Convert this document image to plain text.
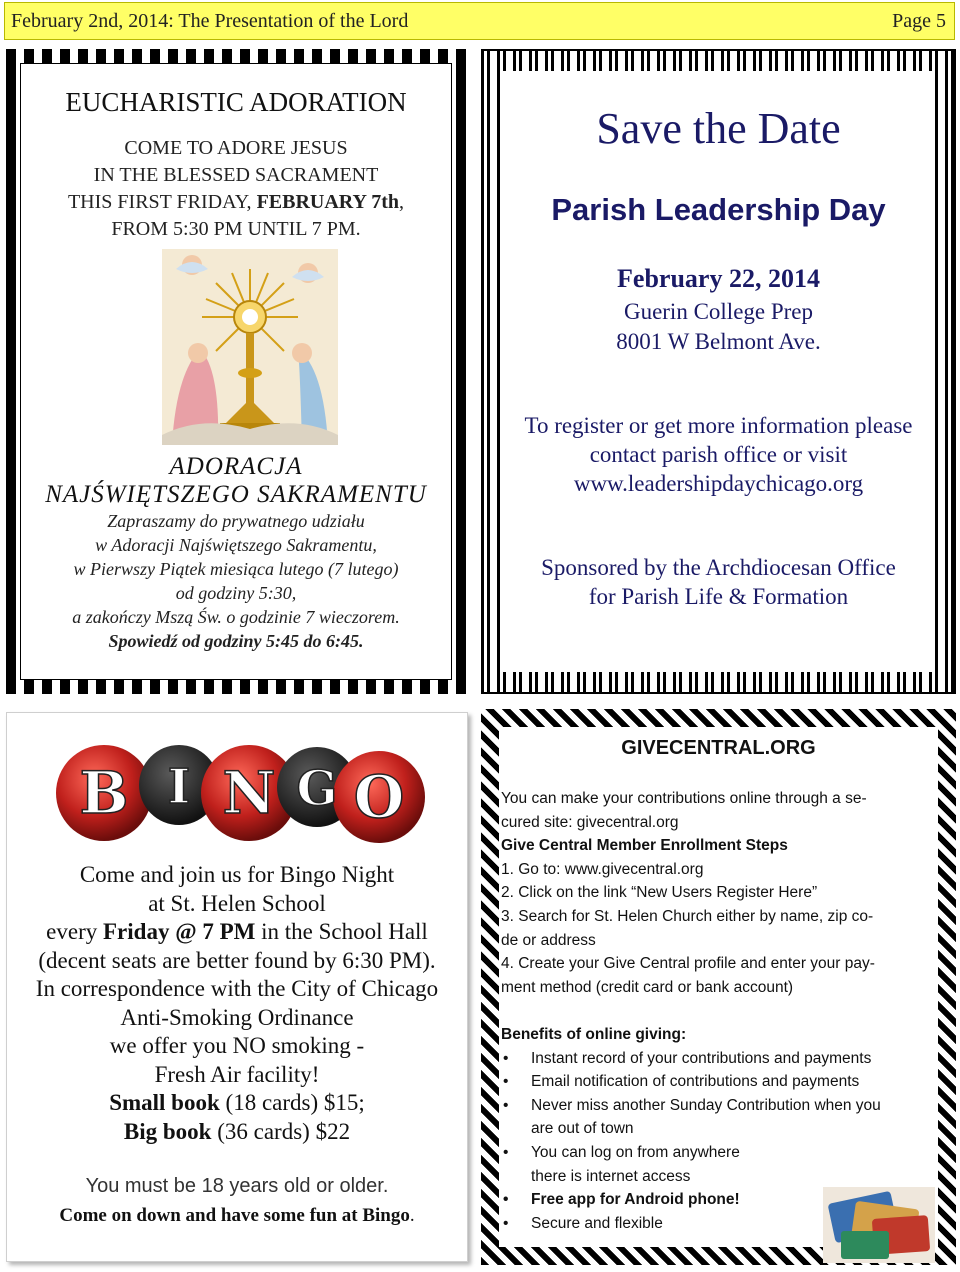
February 2nd, 2014: The Presentation of the Lord	Page 5
EUCHARISTIC ADORATION
COME TO ADORE JESUS
IN THE BLESSED SACRAMENT
THIS FIRST FRIDAY, FEBRUARY 7th,
FROM 5:30 PM UNTIL 7 PM.
ADORACJA
NAJŚWIĘTSZEGO SAKRAMENTU
Zapraszamy do prywatnego udziału
w Adoracji Najświętszego Sakramentu,
w Pierwszy Piątek miesiąca lutego (7 lutego)
od godziny 5:30,
a zakończy Mszą Św. o godzinie 7 wieczorem.
Spowiedź od godziny 5:45 do 6:45.
Save the Date
Parish Leadership Day
February 22, 2014
Guerin College Prep
8001 W Belmont Ave.
To register or get more information please
contact parish office or visit
www.leadershipdaychicago.org
Sponsored by the Archdiocesan Office
for Parish Life & Formation
B I N G O
Come and join us for Bingo Night
at St. Helen School
every Friday @ 7 PM in the School Hall
(decent seats are better found by 6:30 PM).
In correspondence with the City of Chicago
Anti-Smoking Ordinance
we offer you NO smoking -
Fresh Air facility!
Small book (18 cards) $15;
Big book (36 cards) $22
You must be 18 years old or older.
Come on down and have some fun at Bingo.
GIVECENTRAL.ORG
You can make your contributions online through a se-
cured site: givecentral.org
Give Central Member Enrollment Steps
1. Go to: www.givecentral.org
2. Click on the link “New Users Register Here”
3. Search for St. Helen Church either by name, zip co-
de or address
4. Create your Give Central profile and enter your pay-
ment method (credit card or bank account)
Benefits of online giving:
• Instant record of your contributions and payments
• Email notification of contributions and payments
• Never miss another Sunday Contribution when you
are out of town
• You can log on from anywhere
there is internet access
• Free app for Android phone!
• Secure and flexible
